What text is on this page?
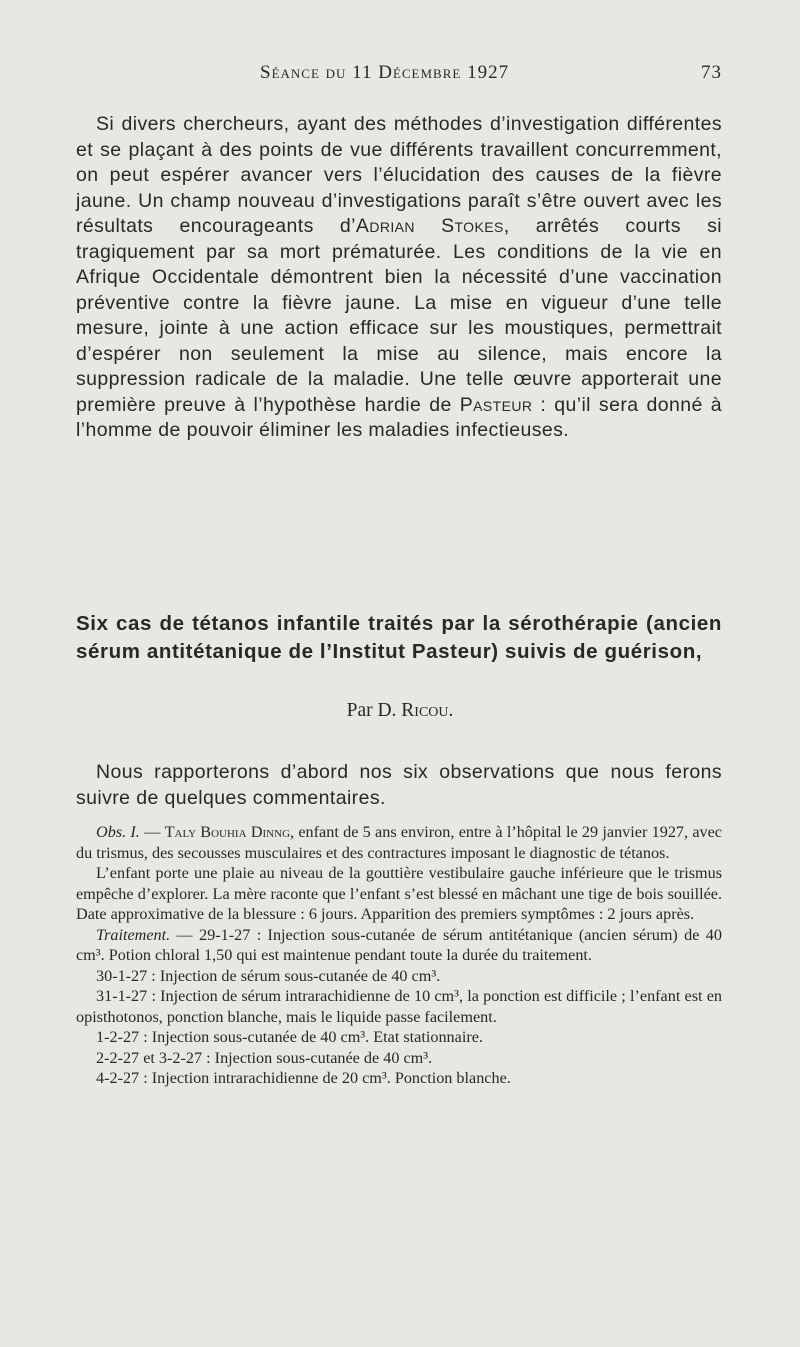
Séance du 11 Décembre 1927	73

Si divers chercheurs, ayant des méthodes d’investigation différentes et se plaçant à des points de vue différents travaillent concurremment, on peut espérer avancer vers l’élucidation des causes de la fièvre jaune. Un champ nouveau d’investigations paraît s’être ouvert avec les résultats encourageants d’Adrian Stokes, arrêtés courts si tragiquement par sa mort prématurée. Les conditions de la vie en Afrique Occidentale démontrent bien la nécessité d’une vaccination préventive contre la fièvre jaune. La mise en vigueur d’une telle mesure, jointe à une action efficace sur les moustiques, permettrait d’espérer non seulement la mise au silence, mais encore la suppression radicale de la maladie. Une telle œuvre apporterait une première preuve à l’hypothèse hardie de Pasteur : qu’il sera donné à l’homme de pouvoir éliminer les maladies infectieuses.

Six cas de tétanos infantile traités par la sérothérapie (ancien sérum antitétanique de l’Institut Pasteur) suivis de guérison,
Par D. Ricou.

Nous rapporterons d’abord nos six observations que nous ferons suivre de quelques commentaires.

Obs. I. — Taly Bouhia Dinng, enfant de 5 ans environ, entre à l’hôpital le 29 janvier 1927, avec du trismus, des secousses musculaires et des contractures imposant le diagnostic de tétanos.

L’enfant porte une plaie au niveau de la gouttière vestibulaire gauche inférieure que le trismus empêche d’explorer. La mère raconte que l’enfant s’est blessé en mâchant une tige de bois souillée. Date approximative de la blessure : 6 jours. Apparition des premiers symptômes : 2 jours après.

Traitement. — 29-1-27 : Injection sous-cutanée de sérum antitétanique (ancien sérum) de 40 cm³. Potion chloral 1,50 qui est maintenue pendant toute la durée du traitement.

30-1-27 : Injection de sérum sous-cutanée de 40 cm³.

31-1-27 : Injection de sérum intrarachidienne de 10 cm³, la ponction est difficile ; l’enfant est en opisthotonos, ponction blanche, mais le liquide passe facilement.

1-2-27 : Injection sous-cutanée de 40 cm³. Etat stationnaire.

2-2-27 et 3-2-27 : Injection sous-cutanée de 40 cm³.

4-2-27 : Injection intrarachidienne de 20 cm³. Ponction blanche.
